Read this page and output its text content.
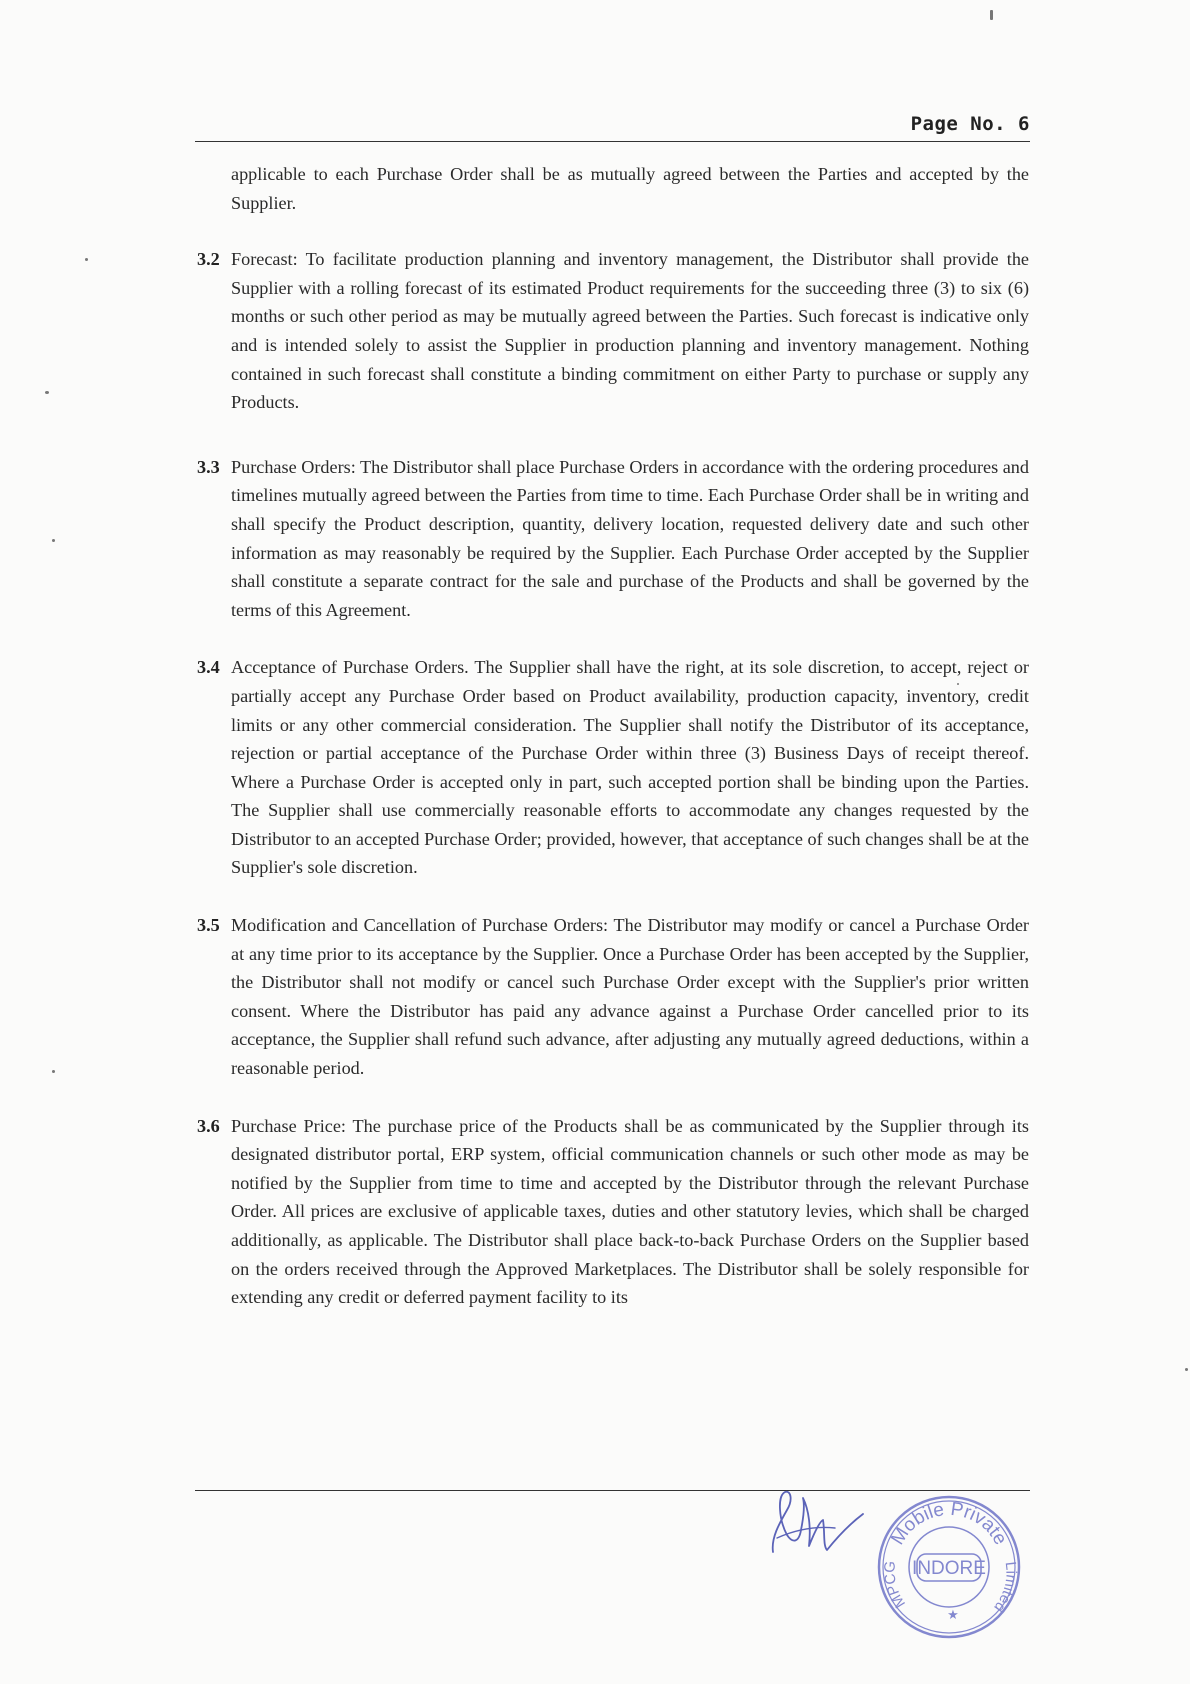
Page No. 6

applicable to each Purchase Order shall be as mutually agreed between the Parties and accepted by the Supplier.

3.2 Forecast: To facilitate production planning and inventory management, the Distributor shall provide the Supplier with a rolling forecast of its estimated Product requirements for the succeeding three (3) to six (6) months or such other period as may be mutually agreed between the Parties. Such forecast is indicative only and is intended solely to assist the Supplier in production planning and inventory management. Nothing contained in such forecast shall constitute a binding commitment on either Party to purchase or supply any Products.
3.3 Purchase Orders: The Distributor shall place Purchase Orders in accordance with the ordering procedures and timelines mutually agreed between the Parties from time to time. Each Purchase Order shall be in writing and shall specify the Product description, quantity, delivery location, requested delivery date and such other information as may reasonably be required by the Supplier. Each Purchase Order accepted by the Supplier shall constitute a separate contract for the sale and purchase of the Products and shall be governed by the terms of this Agreement.
3.4 Acceptance of Purchase Orders. The Supplier shall have the right, at its sole discretion, to accept, reject or partially accept any Purchase Order based on Product availability, production capacity, inventory, credit limits or any other commercial consideration. The Supplier shall notify the Distributor of its acceptance, rejection or partial acceptance of the Purchase Order within three (3) Business Days of receipt thereof. Where a Purchase Order is accepted only in part, such accepted portion shall be binding upon the Parties. The Supplier shall use commercially reasonable efforts to accommodate any changes requested by the Distributor to an accepted Purchase Order; provided, however, that acceptance of such changes shall be at the Supplier's sole discretion.
3.5 Modification and Cancellation of Purchase Orders: The Distributor may modify or cancel a Purchase Order at any time prior to its acceptance by the Supplier. Once a Purchase Order has been accepted by the Supplier, the Distributor shall not modify or cancel such Purchase Order except with the Supplier's prior written consent. Where the Distributor has paid any advance against a Purchase Order cancelled prior to its acceptance, the Supplier shall refund such advance, after adjusting any mutually agreed deductions, within a reasonable period.
3.6 Purchase Price: The purchase price of the Products shall be as communicated by the Supplier through its designated distributor portal, ERP system, official communication channels or such other mode as may be notified by the Supplier from time to time and accepted by the Distributor through the relevant Purchase Order. All prices are exclusive of applicable taxes, duties and other statutory levies, which shall be charged additionally, as applicable. The Distributor shall place back-to-back Purchase Orders on the Supplier based on the orders received through the Approved Marketplaces. The Distributor shall be solely responsible for extending any credit or deferred payment facility to its
Mobile Private
MPCG	Limited
INDORE
★
